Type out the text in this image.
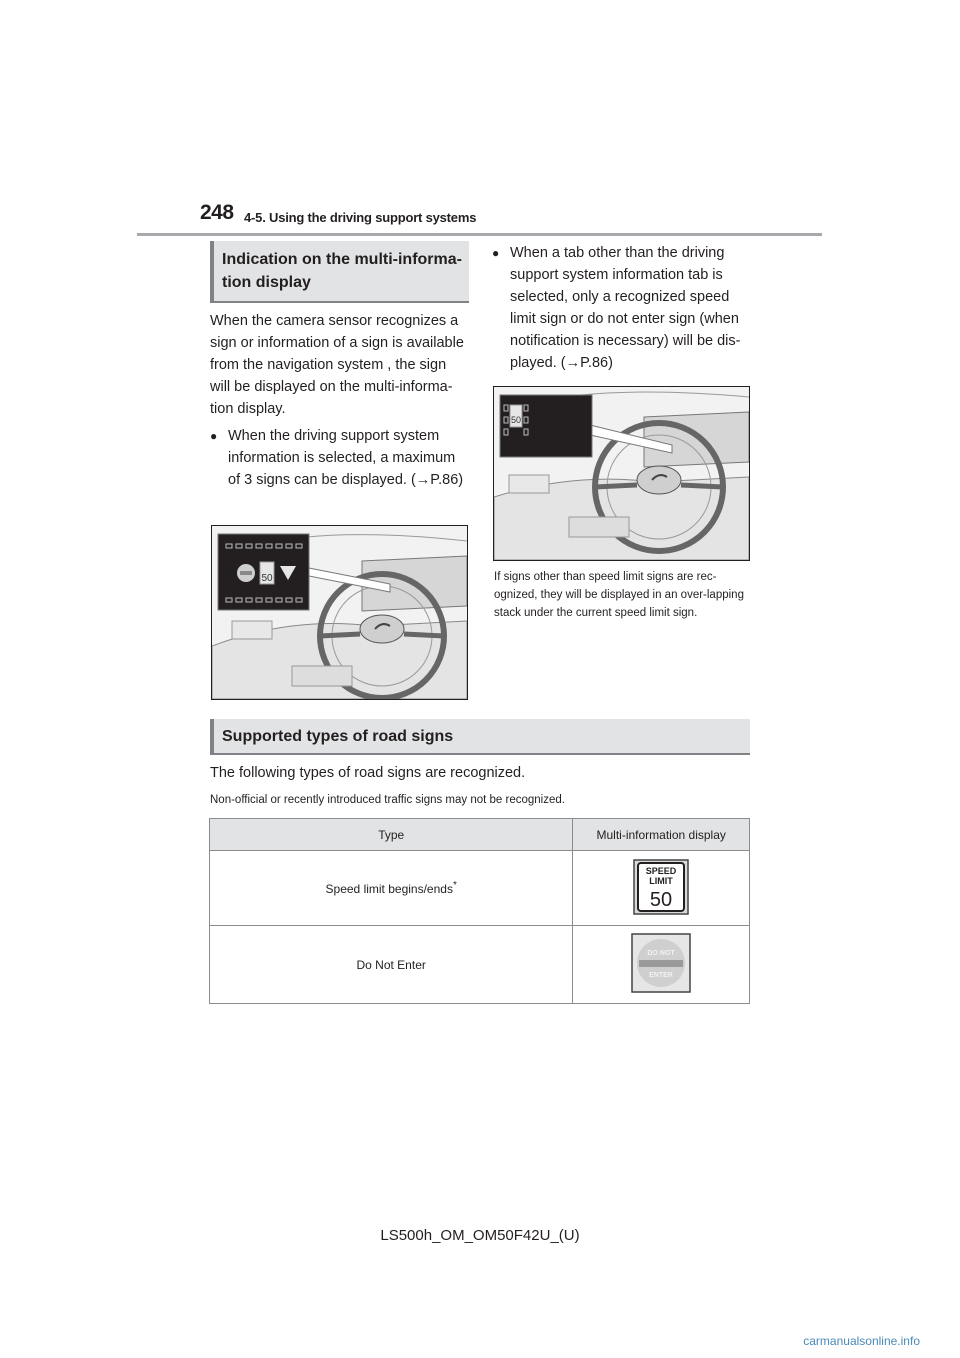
248 4-5. Using the driving support systems
Indication on the multi-informa-
tion display
When the camera sensor recognizes a sign or information of a sign is available from the navigation system , the sign will be displayed on the multi-informa-tion display.
● When the driving support system information is selected, a maximum of 3 signs can be displayed. (→P.86)
50
● When a tab other than the driving support system information tab is selected, only a recognized speed limit sign or do not enter sign (when notification is necessary) will be dis-played. (→P.86)
50
If signs other than speed limit signs are rec-ognized, they will be displayed in an over-lapping stack under the current speed limit sign.
Supported types of road signs
The following types of road signs are recognized.
Non-official or recently introduced traffic signs may not be recognized.
Type	Multi-information display
Speed limit begins/ends*	SPEED
LIMIT
50

Do Not Enter	DO NOT
ENTER
LS500h_OM_OM50F42U_(U)
carmanualsonline.info
